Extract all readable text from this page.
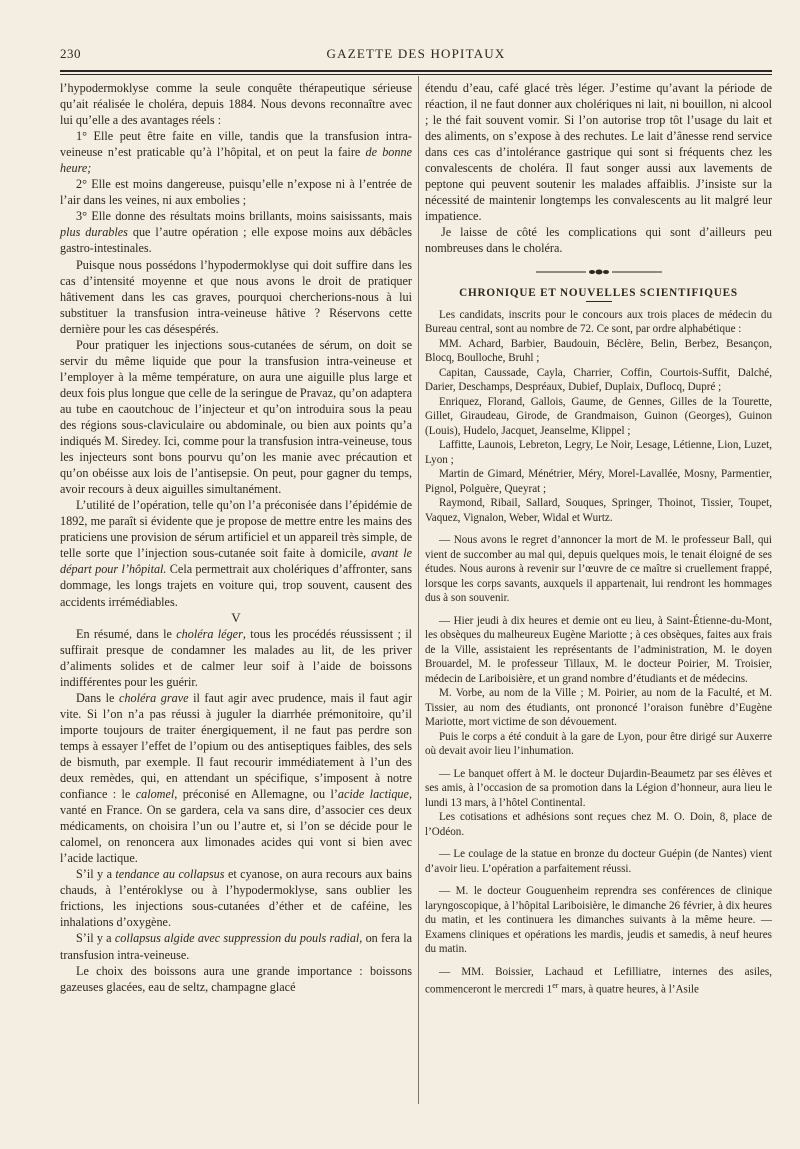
230	GAZETTE DES HOPITAUX

l’hypodermoklyse comme la seule conquête thérapeutique sérieuse qu’ait réalisée le choléra, depuis 1884. Nous devons reconnaître avec lui qu’elle a des avantages réels :

1° Elle peut être faite en ville, tandis que la transfusion intra-veineuse n’est praticable qu’à l’hôpital, et on peut la faire de bonne heure;

2° Elle est moins dangereuse, puisqu’elle n’expose ni à l’entrée de l’air dans les veines, ni aux embolies ;

3° Elle donne des résultats moins brillants, moins saisissants, mais plus durables que l’autre opération ; elle expose moins aux débâcles gastro-intestinales.

Puisque nous possédons l’hypodermoklyse qui doit suffire dans les cas d’intensité moyenne et que nous avons le droit de pratiquer hâtivement dans les cas graves, pourquoi chercherions-nous à lui substituer la transfusion intra-veineuse hâtive ? Réservons cette dernière pour les cas désespérés.

Pour pratiquer les injections sous-cutanées de sérum, on doit se servir du même liquide que pour la transfusion intra-veineuse et l’employer à la même température, on aura une aiguille plus large et deux fois plus longue que celle de la seringue de Pravaz, qu’on adaptera au tube en caoutchouc de l’injecteur et qu’on introduira sous la peau des régions sous-claviculaire ou abdominale, ou bien aux points qu’a indiqués M. Siredey. Ici, comme pour la transfusion intra-veineuse, tous les injecteurs sont bons pourvu qu’on les manie avec précaution et qu’on obéisse aux lois de l’antisepsie. On peut, pour gagner du temps, avoir recours à deux aiguilles simultanément.

L’utilité de l’opération, telle qu’on l’a préconisée dans l’épidémie de 1892, me paraît si évidente que je propose de mettre entre les mains des praticiens une provision de sérum artificiel et un appareil très simple, de telle sorte que l’injection sous-cutanée soit faite à domicile, avant le départ pour l’hôpital. Cela permettrait aux cholériques d’affronter, sans dommage, les longs trajets en voiture qui, trop souvent, causent des accidents irrémédiables.

V

En résumé, dans le choléra léger, tous les procédés réussissent ; il suffirait presque de condamner les malades au lit, de les priver d’aliments solides et de calmer leur soif à l’aide de boissons indifférentes pour les guérir.

Dans le choléra grave il faut agir avec prudence, mais il faut agir vite. Si l’on n’a pas réussi à juguler la diarrhée prémonitoire, qu’il importe toujours de traiter énergiquement, il ne faut pas perdre son temps à essayer l’effet de l’opium ou des antiseptiques faibles, des sels de bismuth, par exemple. Il faut recourir immédiatement à l’un des deux remèdes, qui, en attendant un spécifique, s’imposent à notre confiance : le calomel, préconisé en Allemagne, ou l’acide lactique, vanté en France. On se gardera, cela va sans dire, d’associer ces deux médicaments, on choisira l’un ou l’autre et, si l’on se décide pour le calomel, on renoncera aux limonades acides qui vont si bien avec l’acide lactique.

S’il y a tendance au collapsus et cyanose, on aura recours aux bains chauds, à l’entéroklyse ou à l’hypodermoklyse, sans oublier les frictions, les injections sous-cutanées d’éther et de caféine, les inhalations d’oxygène.

S’il y a collapsus algide avec suppression du pouls radial, on fera la transfusion intra-veineuse.

Le choix des boissons aura une grande importance : boissons gazeuses glacées, eau de seltz, champagne glacé

étendu d’eau, café glacé très léger. J’estime qu’avant la période de réaction, il ne faut donner aux cholériques ni lait, ni bouillon, ni alcool ; le thé fait souvent vomir. Si l’on autorise trop tôt l’usage du lait et des aliments, on s’expose à des rechutes. Le lait d’ânesse rend service dans ces cas d’intolérance gastrique qui sont si fréquents chez les convalescents de choléra. Il faut songer aussi aux lavements de peptone qui peuvent soutenir les malades affaiblis. J’insiste sur la nécessité de maintenir longtemps les convalescents au lit malgré leur impatience.

Je laisse de côté les complications qui sont d’ailleurs peu nombreuses dans le choléra.

CHRONIQUE ET NOUVELLES SCIENTIFIQUES

Les candidats, inscrits pour le concours aux trois places de médecin du Bureau central, sont au nombre de 72. Ce sont, par ordre alphabétique :

MM. Achard, Barbier, Baudouin, Béclère, Belin, Berbez, Besançon, Blocq, Boulloche, Bruhl ;

Capitan, Caussade, Cayla, Charrier, Coffin, Courtois-Suffit, Dalché, Darier, Deschamps, Despréaux, Dubief, Duplaix, Duflocq, Dupré ;

Enriquez, Florand, Gallois, Gaume, de Gennes, Gilles de la Tourette, Gillet, Giraudeau, Girode, de Grandmaison, Guinon (Georges), Guinon (Louis), Hudelo, Jacquet, Jeanselme, Klippel ;

Laffitte, Launois, Lebreton, Legry, Le Noir, Lesage, Létienne, Lion, Luzet, Lyon ;

Martin de Gimard, Ménétrier, Méry, Morel-Lavallée, Mosny, Parmentier, Pignol, Polguère, Queyrat ;

Raymond, Ribail, Sallard, Souques, Springer, Thoinot, Tissier, Toupet, Vaquez, Vignalon, Weber, Widal et Wurtz.

— Nous avons le regret d’annoncer la mort de M. le professeur Ball, qui vient de succomber au mal qui, depuis quelques mois, le tenait éloigné de ses études. Nous aurons à revenir sur l’œuvre de ce maître si cruellement frappé, lorsque les corps savants, auxquels il appartenait, lui rendront les hommages dus à son souvenir.

— Hier jeudi à dix heures et demie ont eu lieu, à Saint-Étienne-du-Mont, les obsèques du malheureux Eugène Mariotte ; à ces obsèques, faites aux frais de la Ville, assistaient les représentants de l’administration, M. le doyen Brouardel, M. le professeur Tillaux, M. le docteur Poirier, M. Troisier, médecin de Lariboisière, et un grand nombre d’étudiants et de médecins.

M. Vorbe, au nom de la Ville ; M. Poirier, au nom de la Faculté, et M. Tissier, au nom des étudiants, ont prononcé l’oraison funèbre d’Eugène Mariotte, mort victime de son dévouement.

Puis le corps a été conduit à la gare de Lyon, pour être dirigé sur Auxerre où devait avoir lieu l’inhumation.

— Le banquet offert à M. le docteur Dujardin-Beaumetz par ses élèves et ses amis, à l’occasion de sa promotion dans la Légion d’honneur, aura lieu le lundi 13 mars, à l’hôtel Continental.

Les cotisations et adhésions sont reçues chez M. O. Doin, 8, place de l’Odéon.

— Le coulage de la statue en bronze du docteur Guépin (de Nantes) vient d’avoir lieu. L’opération a parfaitement réussi.

— M. le docteur Gouguenheim reprendra ses conférences de clinique laryngoscopique, à l’hôpital Lariboisière, le dimanche 26 février, à dix heures du matin, et les continuera les dimanches suivants à la même heure. — Examens cliniques et opérations les mardis, jeudis et samedis, à neuf heures du matin.

— MM. Boissier, Lachaud et Lefilliatre, internes des asiles, commenceront le mercredi 1er mars, à quatre heures, à l’Asile
